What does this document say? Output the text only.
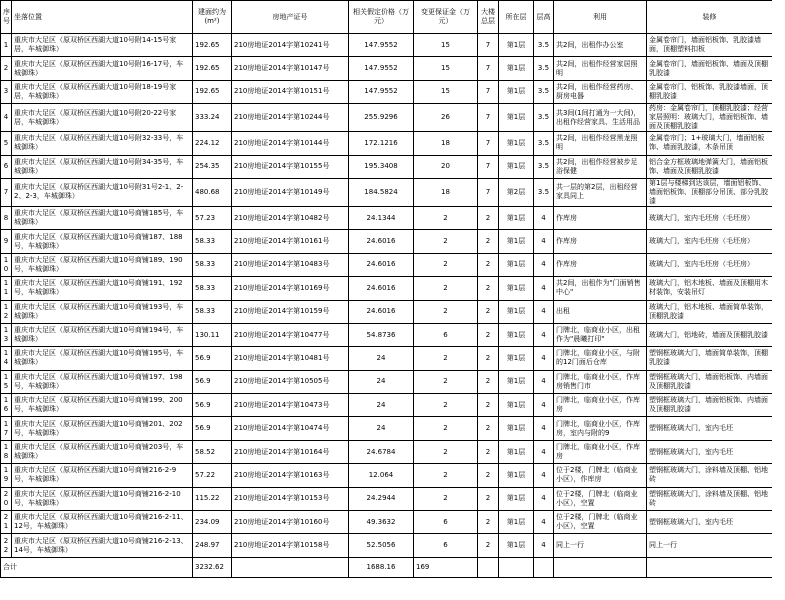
序号	坐落位置	建面约为(m²)	房地产证号	相关假定价格（万元）	变更保证金（万元）	大楼总层	所在层	层高	利用	装修
1	重庆市大足区（原双桥区西湖大道10号附14-15号家居，车城御珠）	192.65	210房地证2014字第10241号	147.9552	15	7	第1层	3.5	共2间，出租作办公室	金属卷帘门，墙面铝板饰、乳胶漆墙面，顶棚塑料扣板
2	重庆市大足区（原双桥区西湖大道10号附16-17号，车城御珠）	192.65	210房地证2014字第10147号	147.9552	15	7	第1层	3.5	共2间，出租作经营家居照明	金属卷帘门，墙面铝板饰、墙面及顶棚乳胶漆
3	重庆市大足区（原双桥区西湖大道10号附18-19号家居，车城御珠）	192.65	210房地证2014字第10151号	147.9552	15	7	第1层	3.5	共2间，出租作经营药房、厨房电器	金属卷帘门，铝板饰、乳胶漆墙面，顶棚乳胶漆
4	重庆市大足区（原双桥区西湖大道10号附20-22号家居，车城御珠）	333.24	210房地证2014字第10244号	255.9296	26	7	第1层	3.5	共3间(1间打通为一大间)，出租作经营家具、生活用品	药房：金属卷帘门，顶棚乳胶漆；经营家居照明：玻璃大门，墙面铝板饰、墙面及顶棚乳胶漆
5	重庆市大足区（原双桥区西湖大道10号附32-33号，车城御珠）	224.12	210房地证2014字第10144号	172.1216	18	7	第1层	3.5	共2间，出租作经营黑龙照明	金属卷帘门；1+玻璃大门，墙面铝板饰、墙面乳胶漆，木条吊顶
6	重庆市大足区（原双桥区西湖大道10号附34-35号，车城御珠）	254.35	210房地证2014字第10155号	195.3408	20	7	第1层	3.5	共2间，出租作经营被步足浴保健	铝合金方框玻璃地弹簧大门，墙面铝板饰、墙面及顶棚乳胶漆
7	重庆市大足区（原双桥区西湖大道10号附31号2-1、2-2、2-3，车城御珠）	480.68	210房地证2014字第10149号	184.5824	18	7	第2层	3.5	共一层的第2层，出租经营家具同上	第1层与楼梯到达该层，墙面铝板饰、墙面铝板饰、顶棚部分吊顶、部分乳胶漆
8	重庆市大足区（原双桥区西湖大道10号商铺185号，车城御珠）	57.23	210房地证2014字第10482号	24.1344	2	2	第1层	4	作库房	玻璃大门，室内毛坯房（毛坯房）
9	重庆市大足区（原双桥区西湖大道10号商铺187、188号，车城御珠）	58.33	210房地证2014字第10161号	24.6016	2	2	第1层	4	作库房	玻璃大门，室内毛坯房（毛坯房）
10	重庆市大足区（原双桥区西湖大道10号商铺189、190号，车城御珠）	58.33	210房地证2014字第10483号	24.6016	2	2	第1层	4	作库房	玻璃大门，室内毛坯房（毛坯房）
11	重庆市大足区（原双桥区西湖大道10号商铺191、192号，车城御珠）	58.33	210房地证2014字第10169号	24.6016	2	2	第1层	4	共2间，出租作为"门面销售中心"	玻璃大门，铝木地板、墙面及顶棚用木材装饰，安装吊灯
12	重庆市大足区（原双桥区西湖大道10号商铺193号，车城御珠）	58.33	210房地证2014字第10159号	24.6016	2	2	第1层	4	出租	玻璃大门，铝木地板、墙面简单装饰，顶棚乳胶漆
13	重庆市大足区（原双桥区西湖大道10号商铺194号，车城御珠）	130.11	210房地证2014字第10477号	54.8736	6	2	第1层	4	门牌北，临商业小区，出租作为"晨曦打印"	玻璃大门，铝地砖，墙面及顶棚乳胶漆
14	重庆市大足区（原双桥区西湖大道10号商铺195号，车城御珠）	56.9	210房地证2014字第10481号	24	2	2	第1层	4	门牌北，临商业小区，与附的12门面后仓库	塑钢框玻璃大门，墙面简单装饰，顶棚乳胶漆
15	重庆市大足区（原双桥区西湖大道10号商铺197、198号，车城御珠）	56.9	210房地证2014字第10505号	24	2	2	第1层	4	门牌北，临商业小区，作库房销售门市	塑钢框玻璃大门，墙面铝板饰、内墙面及顶棚乳胶漆
16	重庆市大足区（原双桥区西湖大道10号商铺199、200号，车城御珠）	56.9	210房地证2014字第10473号	24	2	2	第1层	4	门牌北，临商业小区，作库房	塑钢框玻璃大门，墙面铝板饰、内墙面及顶棚乳胶漆
17	重庆市大足区（原双桥区西湖大道10号商铺201、202号，车城御珠）	56.9	210房地证2014字第10474号	24	2	2	第1层	4	门牌北，临商业小区，作库房，室内与附的9	塑钢框玻璃大门，室内毛坯
18	重庆市大足区（原双桥区西湖大道10号商铺203号，车城御珠）	58.52	210房地证2014字第10164号	24.6784	2	2	第1层	4	门牌北，临商业小区，作库房	塑钢框玻璃大门，室内毛坯
19	重庆市大足区（原双桥区西湖大道10号商铺216-2-9号，车城御珠）	57.22	210房地证2014字第10163号	12.064	2	2	第1层	4	位于2楼，门牌北（临商业小区），作库房	塑钢框玻璃大门，涂料墙及顶棚、铝地砖
20	重庆市大足区（原双桥区西湖大道10号商铺216-2-10号，车城御珠）	115.22	210房地证2014字第10153号	24.2944	2	2	第1层	4	位于2楼，门牌北（临商业小区），空置	塑钢框玻璃大门，涂料墙及顶棚、铝地砖
21	重庆市大足区（原双桥区西湖大道10号商铺216-2-11、12号，车城御珠）	234.09	210房地证2014字第10160号	49.3632	6	2	第1层	4	位于2楼，门牌北（临商业小区），空置	塑钢框玻璃大门，室内毛坯
22	重庆市大足区（原双桥区西湖大道10号商铺216-2-13、14号，车城御珠）	248.97	210房地证2014字第10158号	52.5056	6	2	第1层	4	同上一行	同上一行
合计		3232.62		1688.16	169					
